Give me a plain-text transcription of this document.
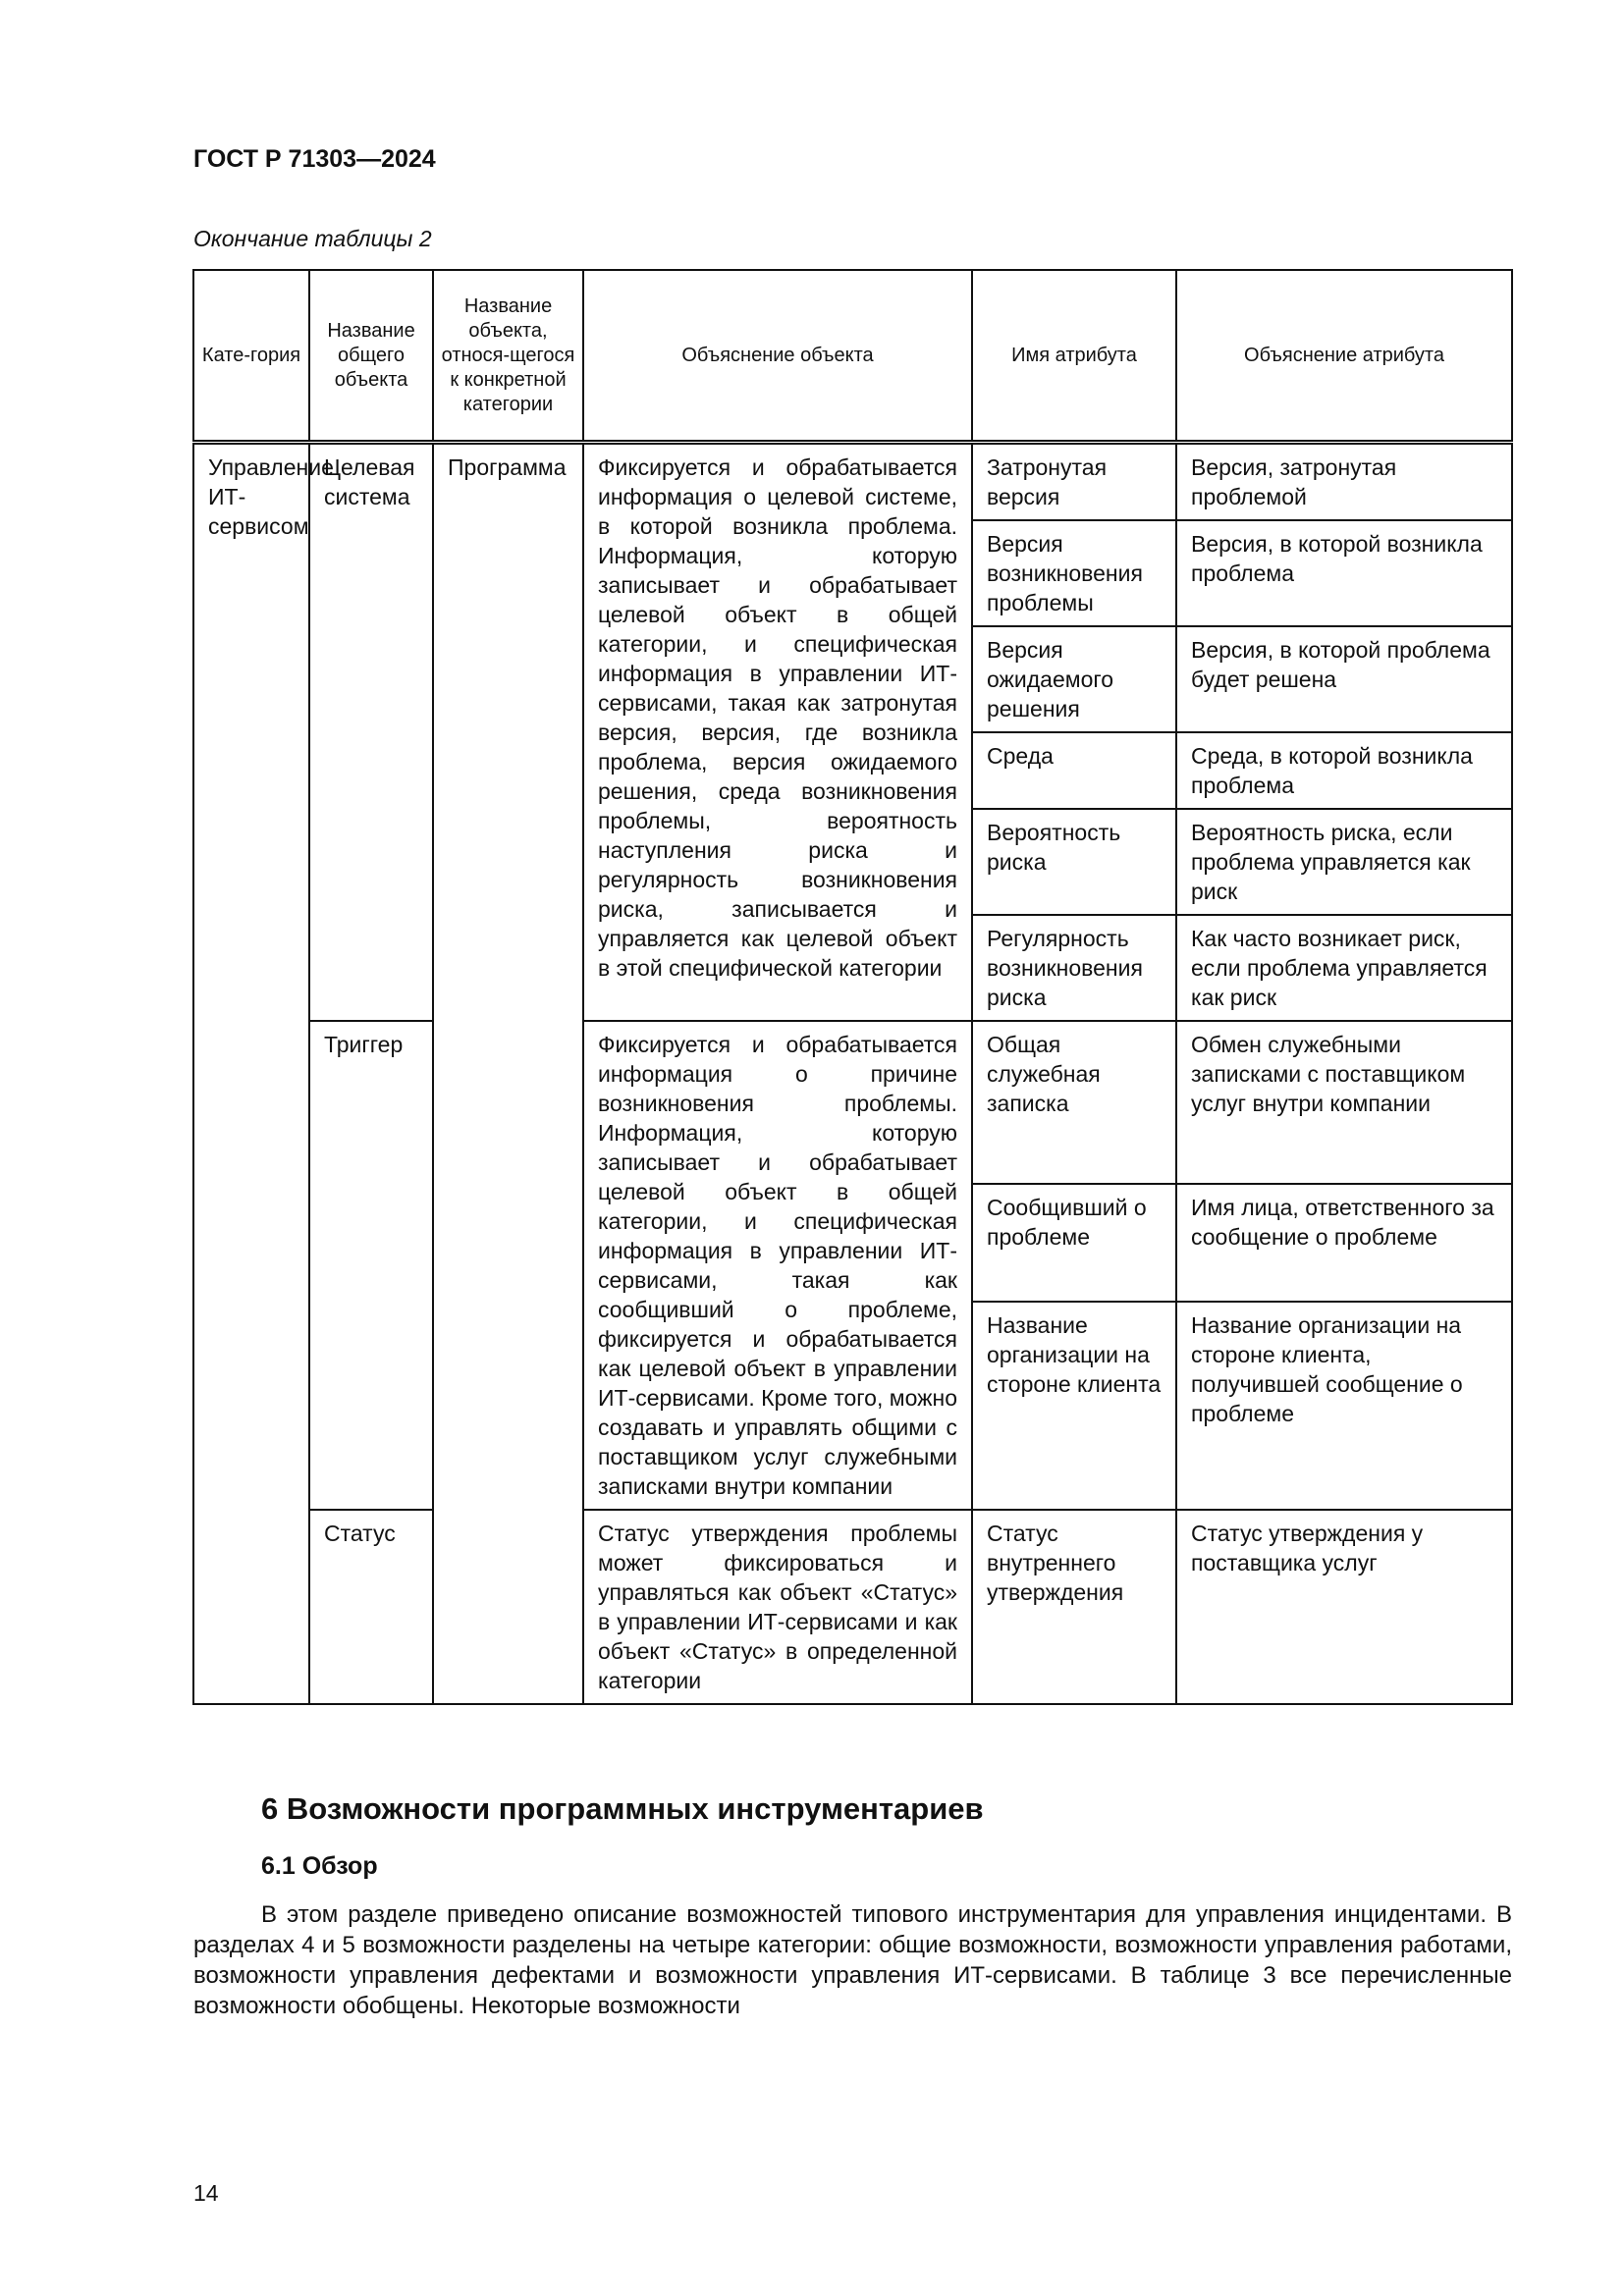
ГОСТ Р 71303—2024
Окончание таблицы 2
Кате-гория	Название общего объекта	Название объекта, относя-щегося к конкретной категории	Объяснение объекта	Имя атрибута	Объяснение атрибута
Управление ИТ-сервисом	Целевая система	Программа	Фиксируется и обрабатывается информация о целевой системе, в которой возникла проблема. Информация, которую записывает и обрабатывает целевой объект в общей категории, и специфическая информация в управлении ИТ-сервисами, такая как затронутая версия, версия, где возникла проблема, версия ожидаемого решения, среда возникновения проблемы, вероятность наступления риска и регулярность возникновения риска, записывается и управляется как целевой объект в этой специфической категории	Затронутая версия	Версия, затронутая проблемой
				Версия возникновения проблемы	Версия, в которой возникла проблема
				Версия ожидаемого решения	Версия, в которой проблема будет решена
				Среда	Среда, в которой возникла проблема
				Вероятность риска	Вероятность риска, если проблема управляется как риск
				Регулярность возникновения риска	Как часто возникает риск, если проблема управляется как риск
	Триггер		Фиксируется и обрабатывается информация о причине возникновения проблемы. Информация, которую записывает и обрабатывает целевой объект в общей категории, и специфическая информация в управлении ИТ-сервисами, такая как сообщивший о проблеме, фиксируется и обрабатывается как целевой объект в управлении ИТ-сервисами. Кроме того, можно создавать и управлять общими с поставщиком услуг служебными записками внутри компании	Общая служебная записка	Обмен служебными записками с поставщиком услуг внутри компании
				Сообщивший о проблеме	Имя лица, ответственного за сообщение о проблеме
				Название организации на стороне клиента	Название организации на стороне клиента, получившей сообщение о проблеме
	Статус		Статус утверждения проблемы может фиксироваться и управляться как объект «Статус» в управлении ИТ-сервисами и как объект «Статус» в определенной категории	Статус внутреннего утверждения	Статус утверждения у поставщика услуг
6 Возможности программных инструментариев
6.1 Обзор

В этом разделе приведено описание возможностей типового инструментария для управления инцидентами. В разделах 4 и 5 возможности разделены на четыре категории: общие возможности, возможности управления работами, возможности управления дефектами и возможности управления ИТ-сервисами. В таблице 3 все перечисленные возможности обобщены. Некоторые возможности

14
